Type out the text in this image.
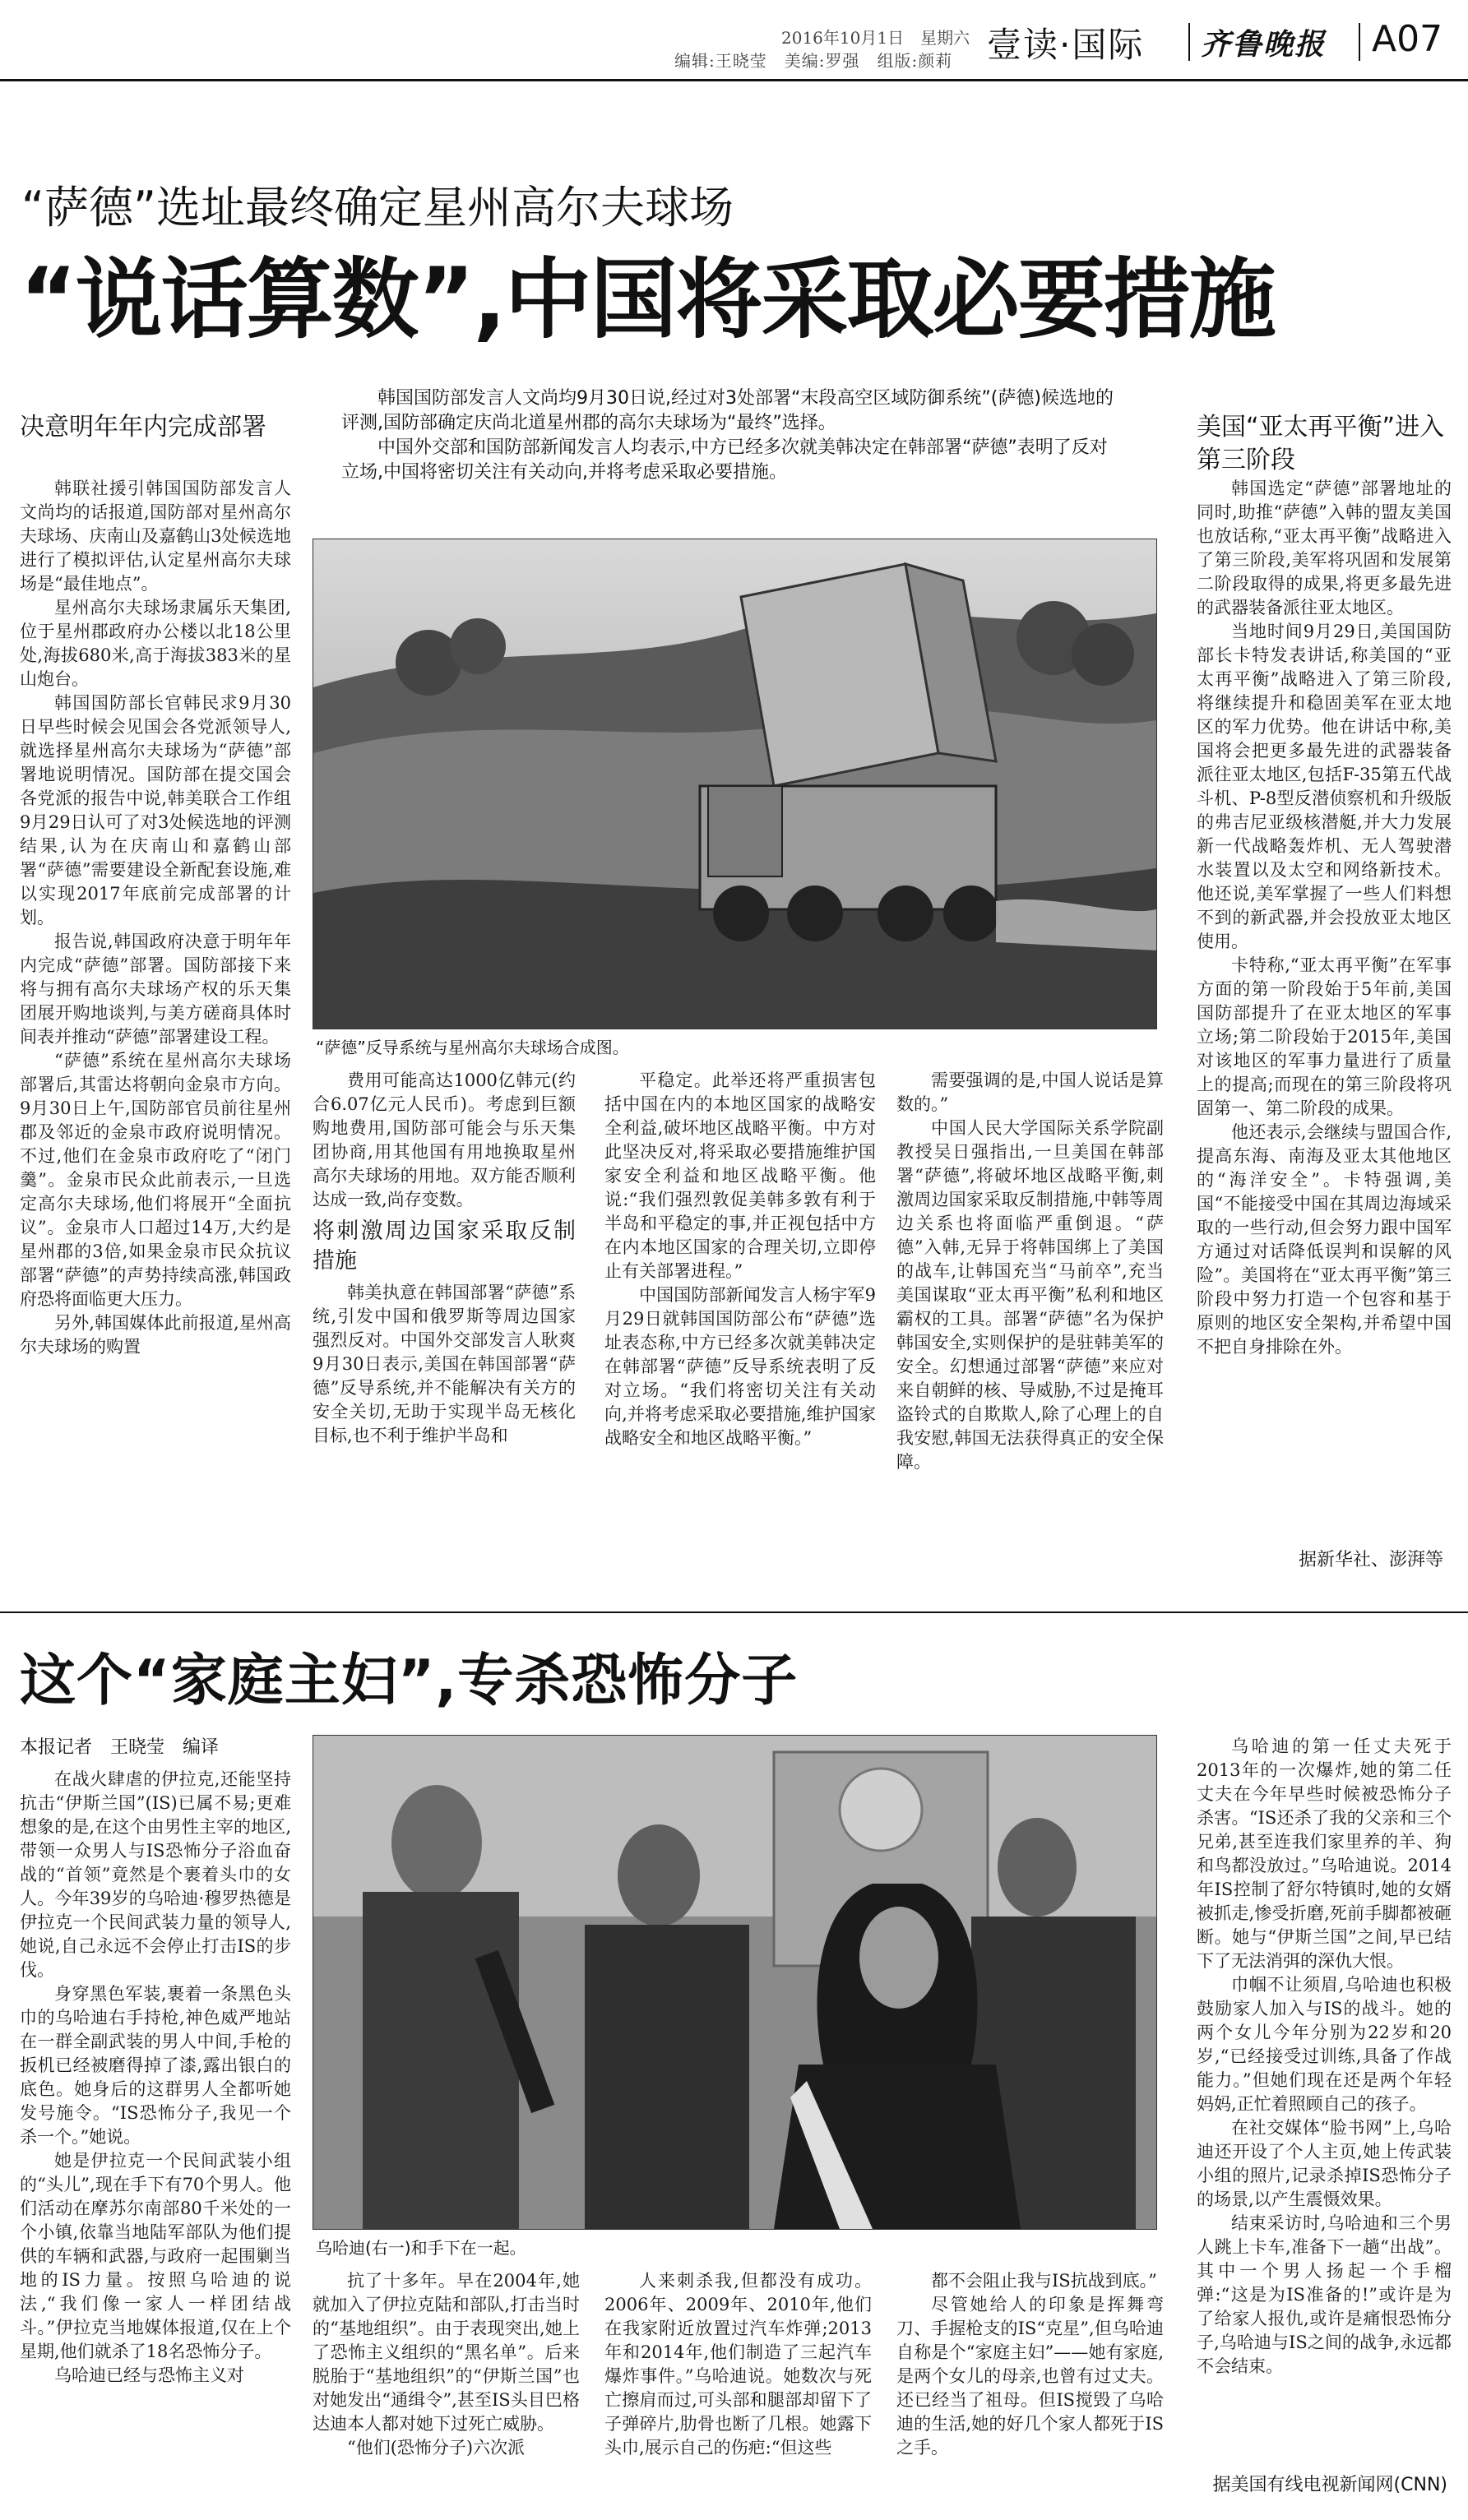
2016年10月1日　星期六
编辑:王晓莹　美编:罗强　组版:颜莉 壹读·国际 齐鲁晚报 A07
“萨德”选址最终确定星州高尔夫球场
“说话算数”,中国将采取必要措施
决意明年年内完成部署

韩国国防部发言人文尚均9月30日说,经过对3处部署“末段高空区域防御系统”(萨德)候选地的评测,国防部确定庆尚北道星州郡的高尔夫球场为“最终”选择。

中国外交部和国防部新闻发言人均表示,中方已经多次就美韩决定在韩部署“萨德”表明了反对立场,中国将密切关注有关动向,并将考虑采取必要措施。

美国“亚太再平衡”进入第三阶段

韩联社援引韩国国防部发言人文尚均的话报道,国防部对星州高尔夫球场、庆南山及嘉鹤山3处候选地进行了模拟评估,认定星州高尔夫球场是“最佳地点”。

星州高尔夫球场隶属乐天集团,位于星州郡政府办公楼以北18公里处,海拔680米,高于海拔383米的星山炮台。

韩国国防部长官韩民求9月30日早些时候会见国会各党派领导人,就选择星州高尔夫球场为“萨德”部署地说明情况。国防部在提交国会各党派的报告中说,韩美联合工作组9月29日认可了对3处候选地的评测结果,认为在庆南山和嘉鹤山部署“萨德”需要建设全新配套设施,难以实现2017年底前完成部署的计划。

报告说,韩国政府决意于明年年内完成“萨德”部署。国防部接下来将与拥有高尔夫球场产权的乐天集团展开购地谈判,与美方磋商具体时间表并推动“萨德”部署建设工程。

“萨德”系统在星州高尔夫球场部署后,其雷达将朝向金泉市方向。9月30日上午,国防部官员前往星州郡及邻近的金泉市政府说明情况。不过,他们在金泉市政府吃了“闭门羹”。金泉市民众此前表示,一旦选定高尔夫球场,他们将展开“全面抗议”。金泉市人口超过14万,大约是星州郡的3倍,如果金泉市民众抗议部署“萨德”的声势持续高涨,韩国政府恐将面临更大压力。

另外,韩国媒体此前报道,星州高尔夫球场的购置

“萨德”反导系统与星州高尔夫球场合成图。

费用可能高达1000亿韩元(约合6.07亿元人民币)。考虑到巨额购地费用,国防部可能会与乐天集团协商,用其他国有用地换取星州高尔夫球场的用地。双方能否顺利达成一致,尚存变数。

将刺激周边国家采取反制措施

韩美执意在韩国部署“萨德”系统,引发中国和俄罗斯等周边国家强烈反对。中国外交部发言人耿爽9月30日表示,美国在韩国部署“萨德”反导系统,并不能解决有关方的安全关切,无助于实现半岛无核化目标,也不利于维护半岛和

平稳定。此举还将严重损害包括中国在内的本地区国家的战略安全利益,破坏地区战略平衡。中方对此坚决反对,将采取必要措施维护国家安全利益和地区战略平衡。他说:“我们强烈敦促美韩多敦有利于半岛和平稳定的事,并正视包括中方在内本地区国家的合理关切,立即停止有关部署进程。”

中国国防部新闻发言人杨宇军9月29日就韩国国防部公布“萨德”选址表态称,中方已经多次就美韩决定在韩部署“萨德”反导系统表明了反对立场。“我们将密切关注有关动向,并将考虑采取必要措施,维护国家战略安全和地区战略平衡。”

需要强调的是,中国人说话是算数的。”

中国人民大学国际关系学院副教授吴日强指出,一旦美国在韩部署“萨德”,将破坏地区战略平衡,刺激周边国家采取反制措施,中韩等周边关系也将面临严重倒退。“萨德”入韩,无异于将韩国绑上了美国的战车,让韩国充当“马前卒”,充当美国谋取“亚太再平衡”私利和地区霸权的工具。部署“萨德”名为保护韩国安全,实则保护的是驻韩美军的安全。幻想通过部署“萨德”来应对来自朝鲜的核、导威胁,不过是掩耳盗铃式的自欺欺人,除了心理上的自我安慰,韩国无法获得真正的安全保障。

韩国选定“萨德”部署地址的同时,助推“萨德”入韩的盟友美国也放话称,“亚太再平衡”战略进入了第三阶段,美军将巩固和发展第二阶段取得的成果,将更多最先进的武器装备派往亚太地区。

当地时间9月29日,美国国防部长卡特发表讲话,称美国的“亚太再平衡”战略进入了第三阶段,将继续提升和稳固美军在亚太地区的军力优势。他在讲话中称,美国将会把更多最先进的武器装备派往亚太地区,包括F-35第五代战斗机、P-8型反潜侦察机和升级版的弗吉尼亚级核潜艇,并大力发展新一代战略轰炸机、无人驾驶潜水装置以及太空和网络新技术。他还说,美军掌握了一些人们料想不到的新武器,并会投放亚太地区使用。

卡特称,“亚太再平衡”在军事方面的第一阶段始于5年前,美国国防部提升了在亚太地区的军事立场;第二阶段始于2015年,美国对该地区的军事力量进行了质量上的提高;而现在的第三阶段将巩固第一、第二阶段的成果。

他还表示,会继续与盟国合作,提高东海、南海及亚太其他地区的“海洋安全”。卡特强调,美国“不能接受中国在其周边海域采取的一些行动,但会努力跟中国军方通过对话降低误判和误解的风险”。美国将在“亚太再平衡”第三阶段中努力打造一个包容和基于原则的地区安全架构,并希望中国不把自身排除在外。

据新华社、澎湃等
这个“家庭主妇”,专杀恐怖分子
本报记者　王晓莹　编译

在战火肆虐的伊拉克,还能坚持抗击“伊斯兰国”(IS)已属不易;更难想象的是,在这个由男性主宰的地区,带领一众男人与IS恐怖分子浴血奋战的“首领”竟然是个裹着头巾的女人。今年39岁的乌哈迪·穆罗热德是伊拉克一个民间武装力量的领导人,她说,自己永远不会停止打击IS的步伐。

身穿黑色军装,裹着一条黑色头巾的乌哈迪右手持枪,神色威严地站在一群全副武装的男人中间,手枪的扳机已经被磨得掉了漆,露出银白的底色。她身后的这群男人全都听她发号施令。“IS恐怖分子,我见一个杀一个。”她说。

她是伊拉克一个民间武装小组的“头儿”,现在手下有70个男人。他们活动在摩苏尔南部80千米处的一个小镇,依靠当地陆军部队为他们提供的车辆和武器,与政府一起围剿当地的IS力量。按照乌哈迪的说法,“我们像一家人一样团结战斗。”伊拉克当地媒体报道,仅在上个星期,他们就杀了18名恐怖分子。

乌哈迪已经与恐怖主义对

乌哈迪(右一)和手下在一起。

抗了十多年。早在2004年,她就加入了伊拉克陆和部队,打击当时的“基地组织”。由于表现突出,她上了恐怖主义组织的“黑名单”。后来脱胎于“基地组织”的“伊斯兰国”也对她发出“通缉令”,甚至IS头目巴格达迪本人都对她下过死亡威胁。

“他们(恐怖分子)六次派

人来刺杀我,但都没有成功。2006年、2009年、2010年,他们在我家附近放置过汽车炸弹;2013年和2014年,他们制造了三起汽车爆炸事件。”乌哈迪说。她数次与死亡擦肩而过,可头部和腿部却留下了子弹碎片,肋骨也断了几根。她露下头巾,展示自己的伤疤:“但这些

都不会阻止我与IS抗战到底。”

尽管她给人的印象是挥舞弯刀、手握枪支的IS“克星”,但乌哈迪自称是个“家庭主妇”——她有家庭,是两个女儿的母亲,也曾有过丈夫。还已经当了祖母。但IS搅毁了乌哈迪的生活,她的好几个家人都死于IS之手。

乌哈迪的第一任丈夫死于2013年的一次爆炸,她的第二任丈夫在今年早些时候被恐怖分子杀害。“IS还杀了我的父亲和三个兄弟,甚至连我们家里养的羊、狗和鸟都没放过。”乌哈迪说。2014年IS控制了舒尔特镇时,她的女婿被抓走,惨受折磨,死前手脚都被砸断。她与“伊斯兰国”之间,早已结下了无法消弭的深仇大恨。

巾帼不让须眉,乌哈迪也积极鼓励家人加入与IS的战斗。她的两个女儿今年分别为22岁和20岁,“已经接受过训练,具备了作战能力。”但她们现在还是两个年轻妈妈,正忙着照顾自己的孩子。

在社交媒体“脸书网”上,乌哈迪还开设了个人主页,她上传武装小组的照片,记录杀掉IS恐怖分子的场景,以产生震慑效果。

结束采访时,乌哈迪和三个男人跳上卡车,准备下一趟“出战”。其中一个男人扬起一个手榴弹:“这是为IS准备的!”或许是为了给家人报仇,或许是痛恨恐怖分子,乌哈迪与IS之间的战争,永远都不会结束。

据美国有线电视新闻网(CNN)
